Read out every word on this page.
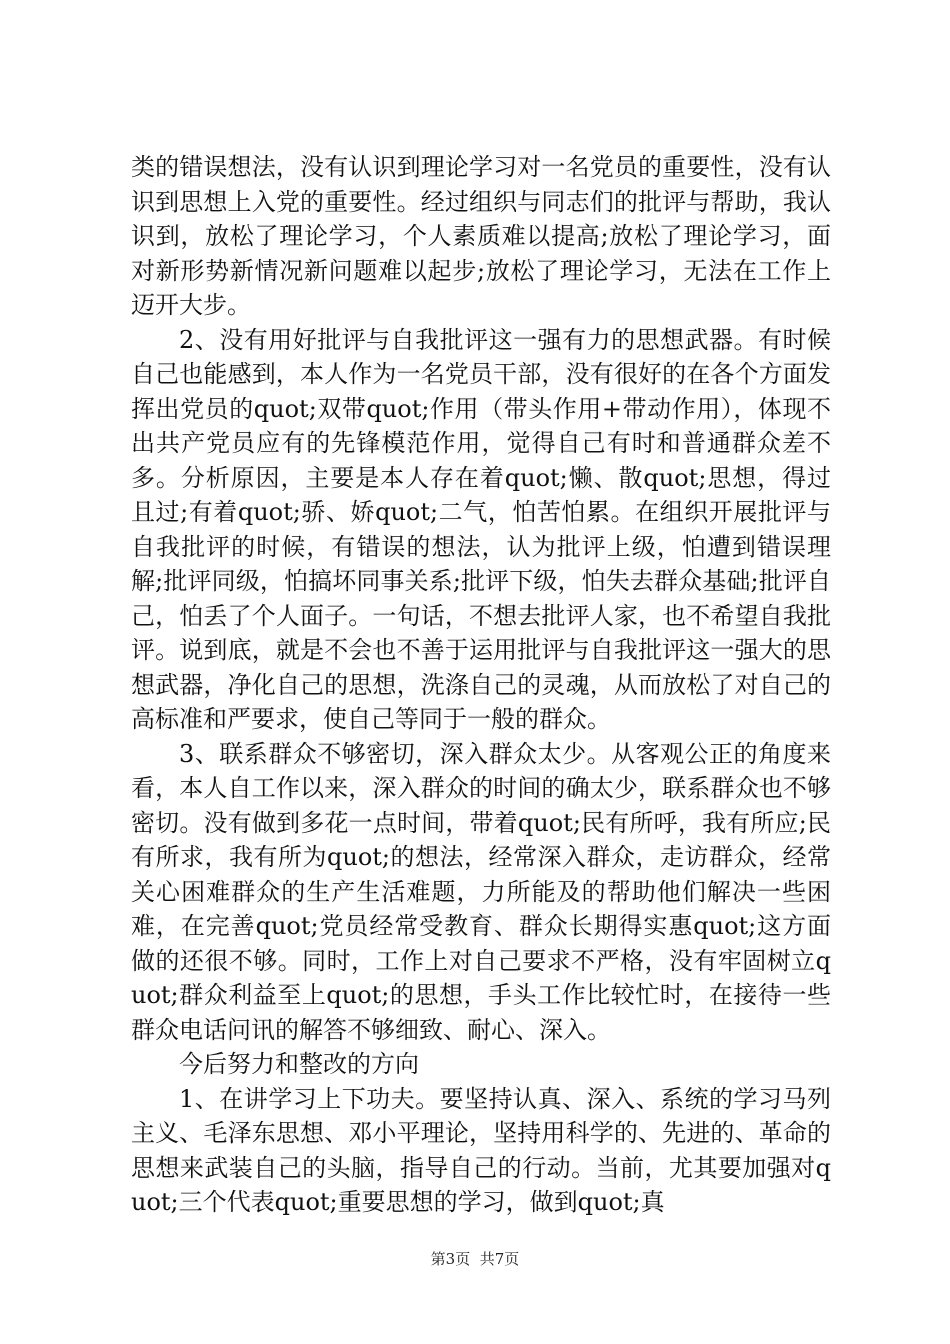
类的错误想法，没有认识到理论学习对一名党员的重要性，没有认识到思想上入党的重要性。经过组织与同志们的批评与帮助，我认识到，放松了理论学习，个人素质难以提高;放松了理论学习，面对新形势新情况新问题难以起步;放松了理论学习，无法在工作上迈开大步。

2、没有用好批评与自我批评这一强有力的思想武器。有时候自己也能感到，本人作为一名党员干部，没有很好的在各个方面发挥出党员的quot;双带quot;作用（带头作用+带动作用），体现不出共产党员应有的先锋模范作用，觉得自己有时和普通群众差不多。分析原因，主要是本人存在着quot;懒、散quot;思想，得过且过;有着quot;骄、娇quot;二气，怕苦怕累。在组织开展批评与自我批评的时候，有错误的想法，认为批评上级，怕遭到错误理解;批评同级，怕搞坏同事关系;批评下级，怕失去群众基础;批评自己，怕丢了个人面子。一句话，不想去批评人家，也不希望自我批评。说到底，就是不会也不善于运用批评与自我批评这一强大的思想武器，净化自己的思想，洗涤自己的灵魂，从而放松了对自己的高标准和严要求，使自己等同于一般的群众。

3、联系群众不够密切，深入群众太少。从客观公正的角度来看，本人自工作以来，深入群众的时间的确太少，联系群众也不够密切。没有做到多花一点时间，带着quot;民有所呼，我有所应;民有所求，我有所为quot;的想法，经常深入群众，走访群众，经常关心困难群众的生产生活难题，力所能及的帮助他们解决一些困难，在完善quot;党员经常受教育、群众长期得实惠quot;这方面做的还很不够。同时，工作上对自己要求不严格，没有牢固树立quot;群众利益至上quot;的思想，手头工作比较忙时，在接待一些群众电话问讯的解答不够细致、耐心、深入。

今后努力和整改的方向

1、在讲学习上下功夫。要坚持认真、深入、系统的学习马列主义、毛泽东思想、邓小平理论，坚持用科学的、先进的、革命的思想来武装自己的头脑，指导自己的行动。当前，尤其要加强对quot;三个代表quot;重要思想的学习，做到quot;真

第3页 共7页
